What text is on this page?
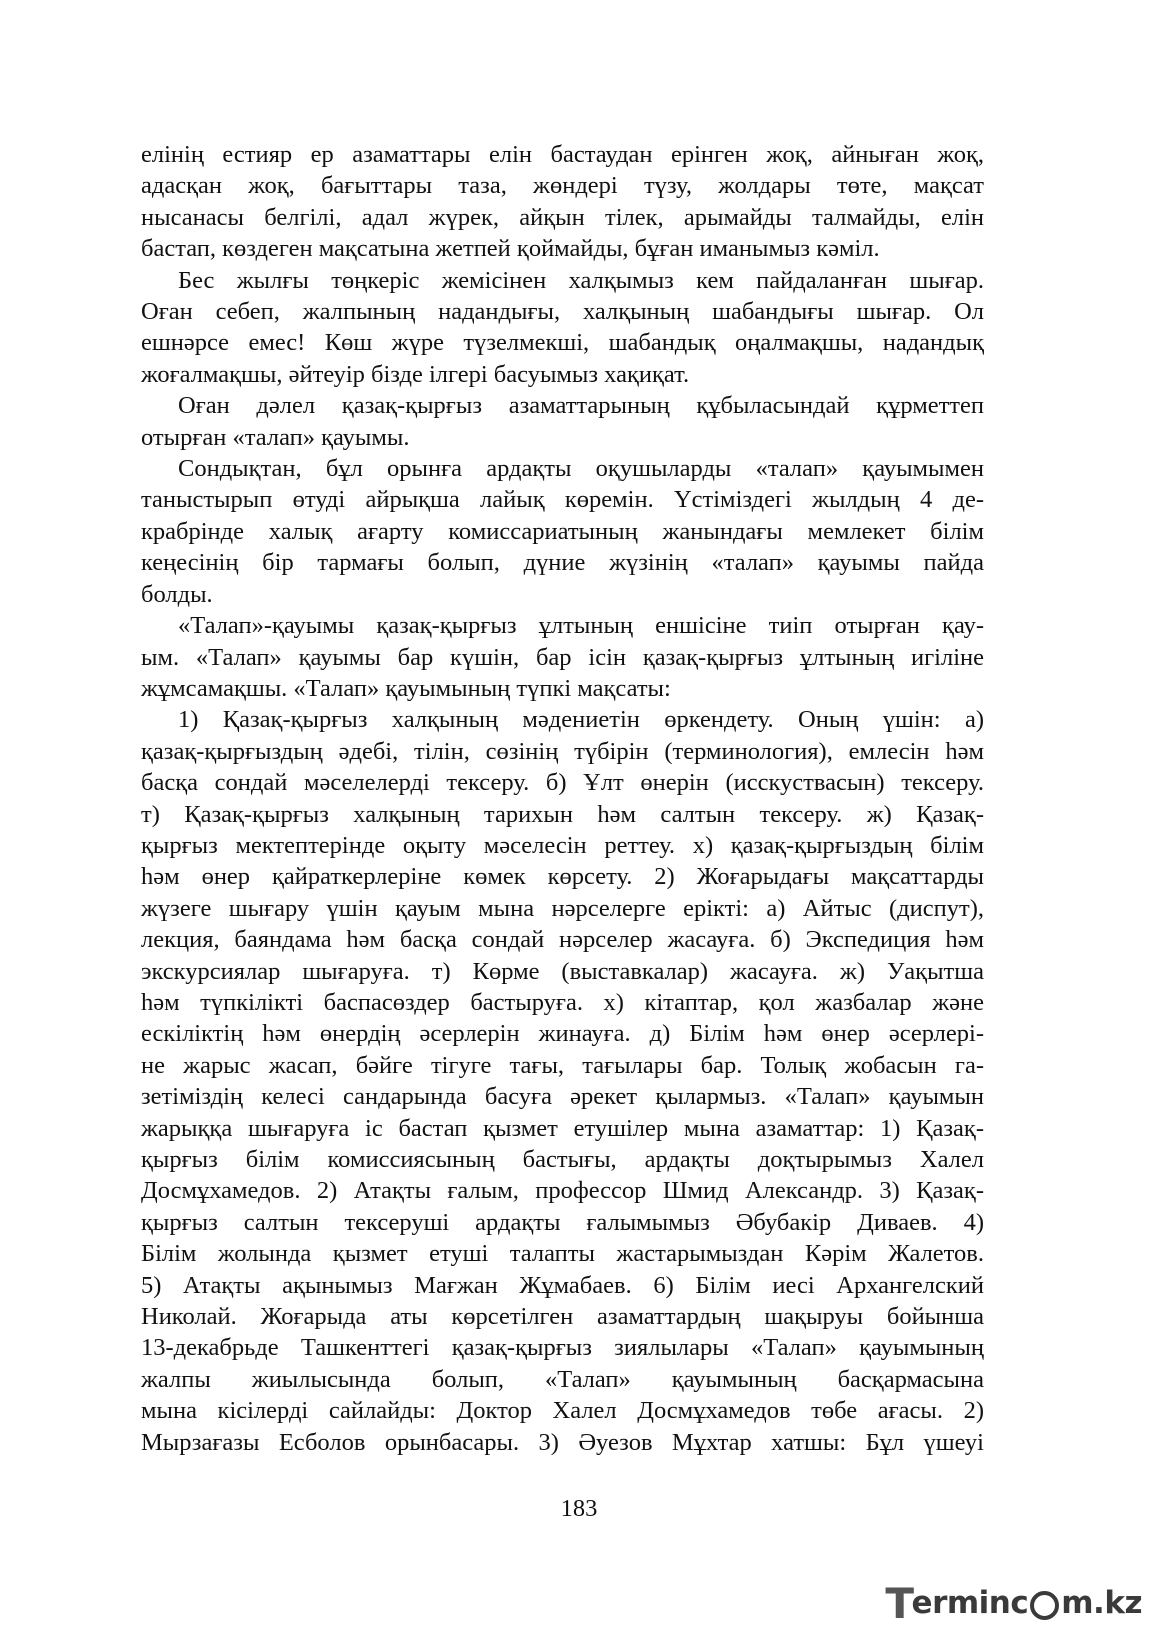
елінің естияр ер азаматтары елін бастаудан ерінген жоқ, айныған жоқ,

адасқан жоқ, бағыттары таза, жөндері түзу, жолдары төте, мақсат

нысанасы белгілі, адал жүрек, айқын тілек, арымайды талмайды, елін

бастап, көздеген мақсатына жетпей қоймайды, бұған иманымыз кәміл.

Бес жылғы төңкеріс жемісінен халқымыз кем пайдаланған шығар.

Оған себеп, жалпының надандығы, халқының шабандығы шығар. Ол

ешнәрсе емес! Көш жүре түзелмекші, шабандық оңалмақшы, надандық

жоғалмақшы, әйтеуір бізде ілгері басуымыз хақиқат.

Оған дәлел қазақ-қырғыз азаматтарының құбыласындай құрметтеп

отырған «талап» қауымы.

Сондықтан, бұл орынға ардақты оқушыларды «талап» қауымымен

таныстырып өтуді айрықша лайық көремін. Үстіміздегі жылдың 4 де-

крабрінде халық ағарту комиссариатының жанындағы мемлекет білім

кеңесінің бір тармағы болып, дүние жүзінің «талап» қауымы пайда

болды.

«Талап»-қауымы қазақ-қырғыз ұлтының еншісіне тиіп отырған қау-

ым. «Талап» қауымы бар күшін, бар ісін қазақ-қырғыз ұлтының игіліне

жұмсамақшы. «Талап» қауымының түпкі мақсаты:

1) Қазақ-қырғыз халқының мәдениетін өркендету. Оның үшін: а)

қазақ-қырғыздың әдебі, тілін, сөзінің түбірін (терминология), емлесін һәм

басқа сондай мәселелерді тексеру. б) Ұлт өнерін (исскуствасын) тексеру.

т) Қазақ-қырғыз халқының тарихын һәм салтын тексеру. ж) Қазақ-

қырғыз мектептерінде оқыту мәселесін реттеу. х) қазақ-қырғыздың білім

һәм өнер қайраткерлеріне көмек көрсету. 2) Жоғарыдағы мақсаттарды

жүзеге шығару үшін қауым мына нәрселерге ерікті: а) Айтыс (диспут),

лекция, баяндама һәм басқа сондай нәрселер жасауға. б) Экспедиция һәм

экскурсиялар шығаруға. т) Көрме (выставкалар) жасауға. ж) Уақытша

һәм түпкілікті баспасөздер бастыруға. х) кітаптар, қол жазбалар және

ескіліктің һәм өнердің әсерлерін жинауға. д) Білім һәм өнер әсерлері-

не жарыс жасап, бәйге тігуге тағы, тағылары бар. Толық жобасын га-

зетіміздің келесі сандарында басуға әрекет қылармыз. «Талап» қауымын

жарыққа шығаруға іс бастап қызмет етушілер мына азаматтар: 1) Қазақ-

қырғыз білім комиссиясының бастығы, ардақты доқтырымыз Халел

Досмұхамедов. 2) Атақты ғалым, профессор Шмид Александр. 3) Қазақ-

қырғыз салтын тексеруші ардақты ғалымымыз Әбубакір Диваев. 4)

Білім жолында қызмет етуші талапты жастарымыздан Кәрім Жалетов.

5) Атақты ақынымыз Мағжан Жұмабаев. 6) Білім иесі Архангелский

Николай. Жоғарыда аты көрсетілген азаматтардың шақыруы бойынша

13-декабрьде Ташкенттегі қазақ-қырғыз зиялылары «Талап» қауымының

жалпы жиылысында болып, «Талап» қауымының басқармасына

мына кісілерді сайлайды: Доктор Халел Досмұхамедов төбе ағасы. 2)

Мырзағазы Есболов орынбасары. 3) Әуезов Мұхтар хатшы: Бұл үшеуі

183
T
ermin c m.kz
